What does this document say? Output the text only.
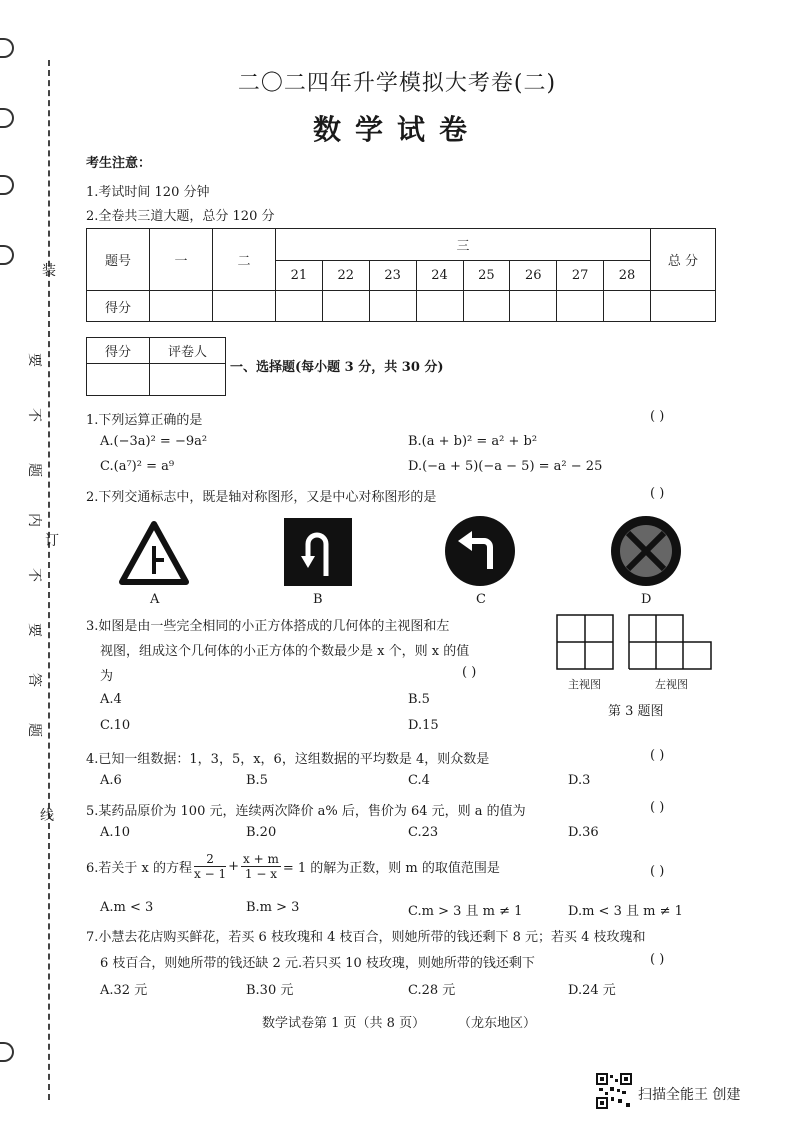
装
订
线
要
不
题
内
不
要
答
题
二〇二四年升学模拟大考卷(二)
数学试卷
考生注意：
1.考试时间 120 分钟
2.全卷共三道大题，总分 120 分
题号	一	二	三								总 分
			21	22	23	24	25	26	27	28	
得分											
得分	评卷人

一、选择题(每小题 3 分，共 30 分)
1.下列运算正确的是	( )
A.(−3a)² = −9a²	B.(a + b)² = a² + b²
C.(a⁷)² = a⁹	D.(−a + 5)(−a − 5) = a² − 25
2.下列交通标志中，既是轴对称图形，又是中心对称图形的是	( )
A	B	C	D
3.如图是由一些完全相同的小正方体搭成的几何体的主视图和左
视图，组成这个几何体的小正方体的个数最少是 x 个，则 x 的值
为	( )
A.4	B.5
C.10	D.15
主视图	左视图
第 3 题图
4.已知一组数据：1，3，5，x，6，这组数据的平均数是 4，则众数是	( )
A.6	B.5	C.4	D.3
5.某药品原价为 100 元，连续两次降价 a% 后，售价为 64 元，则 a 的值为	( )
A.10	B.20	C.23	D.36
6.若关于 x 的方程 $\frac{2}{x - 1} + \frac{x + m}{1 - x} = 1$ 的解为正数，则 m 的取值范围是	( )
A.m < 3	B.m > 3	C.m > 3 且 m ≠ 1	D.m < 3 且 m ≠ 1
7.小慧去花店购买鲜花，若买 6 枝玫瑰和 4 枝百合，则她所带的钱还剩下 8 元；若买 4 枝玫瑰和
6 枝百合，则她所带的钱还缺 2 元.若只买 10 枝玫瑰，则她所带的钱还剩下	( )
A.32 元	B.30 元	C.28 元	D.24 元
数学试卷第 1 页（共 8 页）	（龙东地区）
扫描全能王 创建
